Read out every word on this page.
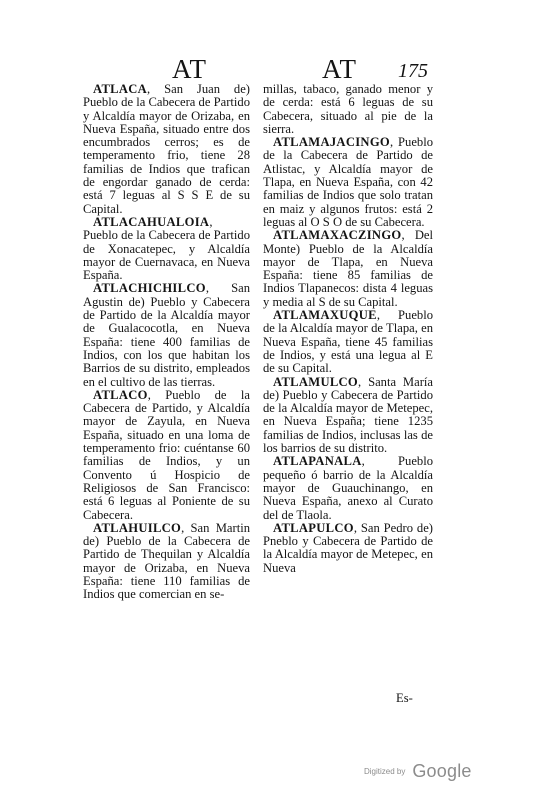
AT	AT 175

ATLACA, San Juan de) Pueblo de la Cabecera de Partido y Alcaldía mayor de Orizaba, en Nueva España, situado entre dos encumbrados cerros; es de temperamento frio, tiene 28 familias de Indios que trafican de engordar ganado de cerda: está 7 leguas al S S E de su Capital.

ATLACAHUALOIA, Pueblo de la Cabecera de Partido de Xonacatepec, y Alcaldía mayor de Cuernavaca, en Nueva España.

ATLACHICHILCO, San Agustin de) Pueblo y Cabecera de Partido de la Alcaldía mayor de Gualacocotla, en Nueva España: tiene 400 familias de Indios, con los que habitan los Barrios de su distrito, empleados en el cultivo de las tierras.

ATLACO, Pueblo de la Cabecera de Partido, y Alcaldía mayor de Zayula, en Nueva España, situado en una loma de temperamento frio: cuéntanse 60 familias de Indios, y un Convento ú Hospicio de Religiosos de San Francisco: está 6 leguas al Poniente de su Cabecera.

ATLAHUILCO, San Martin de) Pueblo de la Cabecera de Partido de Thequilan y Alcaldía mayor de Orizaba, en Nueva España: tiene 110 familias de Indios que comercian en se-

millas, tabaco, ganado menor y de cerda: está 6 leguas de su Cabecera, situado al pie de la sierra.

ATLAMAJACINGO, Pueblo de la Cabecera de Partido de Atlistac, y Alcaldía mayor de Tlapa, en Nueva España, con 42 familias de Indios que solo tratan en maiz y algunos frutos: está 2 leguas al O S O de su Cabecera.

ATLAMAXACZINGO, Del Monte) Pueblo de la Alcaldía mayor de Tlapa, en Nueva España: tiene 85 familias de Indios Tlapanecos: dista 4 leguas y media al S de su Capital.

ATLAMAXUQUE, Pueblo de la Alcaldía mayor de Tlapa, en Nueva España, tiene 45 familias de Indios, y está una legua al E de su Capital.

ATLAMULCO, Santa María de) Pueblo y Cabecera de Partido de la Alcaldía mayor de Metepec, en Nueva España; tiene 1235 familias de Indios, inclusas las de los barrios de su distrito.

ATLAPANALA, Pueblo pequeño ó barrio de la Alcaldía mayor de Guauchinango, en Nueva España, anexo al Curato del de Tlaola.

ATLAPULCO, San Pedro de) Pneblo y Cabecera de Partido de la Alcaldía mayor de Metepec, en Nueva

Es-
Digitized by Google
